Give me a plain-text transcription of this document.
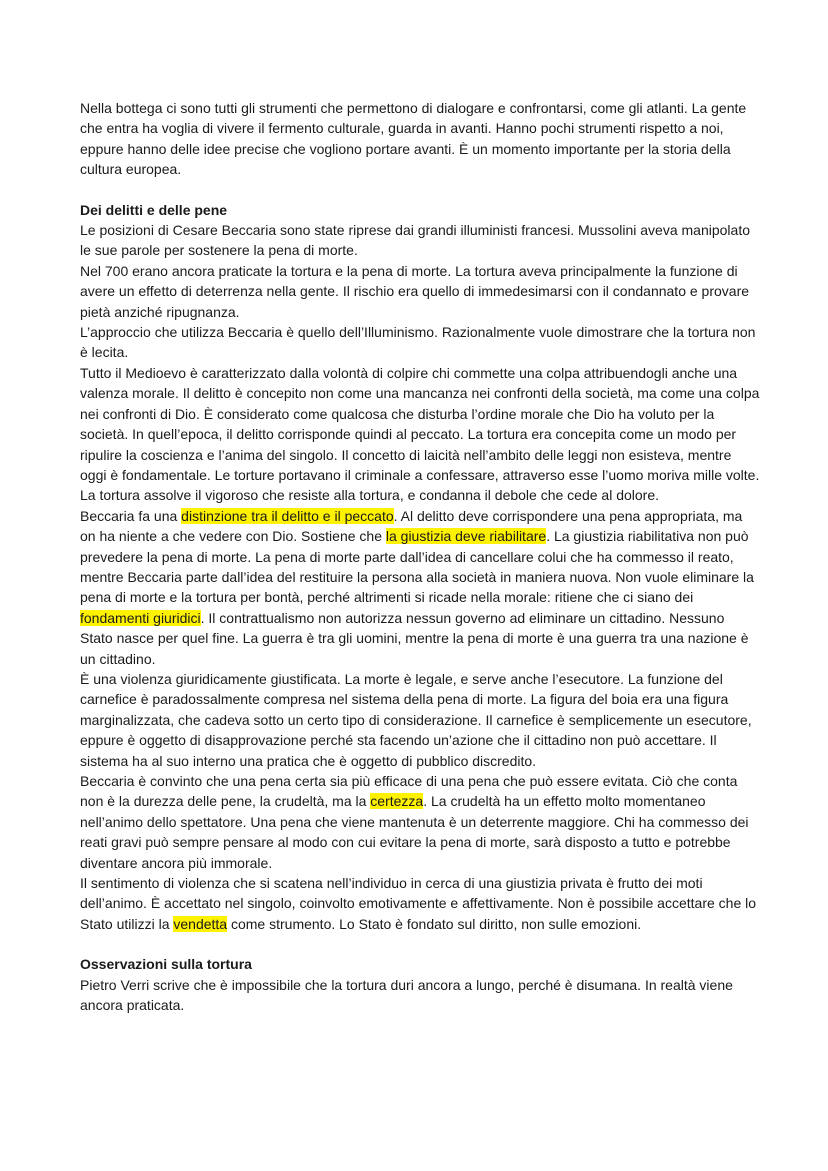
Nella bottega ci sono tutti gli strumenti che permettono di dialogare e confrontarsi, come gli atlanti. La gente che entra ha voglia di vivere il fermento culturale, guarda in avanti. Hanno pochi strumenti rispetto a noi, eppure hanno delle idee precise che vogliono portare avanti. È un momento importante per la storia della cultura europea.

Dei delitti e delle pene

Le posizioni di Cesare Beccaria sono state riprese dai grandi illuministi francesi. Mussolini aveva manipolato le sue parole per sostenere la pena di morte.

Nel 700 erano ancora praticate la tortura e la pena di morte. La tortura aveva principalmente la funzione di avere un effetto di deterrenza nella gente. Il rischio era quello di immedesimarsi con il condannato e provare pietà anziché ripugnanza.

L’approccio che utilizza Beccaria è quello dell’Illuminismo. Razionalmente vuole dimostrare che la tortura non è lecita.

Tutto il Medioevo è caratterizzato dalla volontà di colpire chi commette una colpa attribuendogli anche una valenza morale. Il delitto è concepito non come una mancanza nei confronti della società, ma come una colpa nei confronti di Dio. È considerato come qualcosa che disturba l’ordine morale che Dio ha voluto per la società. In quell’epoca, il delitto corrisponde quindi al peccato. La tortura era concepita come un modo per ripulire la coscienza e l’anima del singolo. Il concetto di laicità nell’ambito delle leggi non esisteva, mentre oggi è fondamentale. Le torture portavano il criminale a confessare, attraverso esse l’uomo moriva mille volte. La tortura assolve il vigoroso che resiste alla tortura, e condanna il debole che cede al dolore.

Beccaria fa una distinzione tra il delitto e il peccato. Al delitto deve corrispondere una pena appropriata, ma on ha niente a che vedere con Dio. Sostiene che la giustizia deve riabilitare. La giustizia riabilitativa non può prevedere la pena di morte. La pena di morte parte dall’idea di cancellare colui che ha commesso il reato, mentre Beccaria parte dall’idea del restituire la persona alla società in maniera nuova. Non vuole eliminare la pena di morte e la tortura per bontà, perché altrimenti si ricade nella morale: ritiene che ci siano dei fondamenti giuridici. Il contrattualismo non autorizza nessun governo ad eliminare un cittadino. Nessuno Stato nasce per quel fine. La guerra è tra gli uomini, mentre la pena di morte è una guerra tra una nazione è un cittadino.

È una violenza giuridicamente giustificata. La morte è legale, e serve anche l’esecutore. La funzione del carnefice è paradossalmente compresa nel sistema della pena di morte. La figura del boia era una figura marginalizzata, che cadeva sotto un certo tipo di considerazione. Il carnefice è semplicemente un esecutore, eppure è oggetto di disapprovazione perché sta facendo un’azione che il cittadino non può accettare. Il sistema ha al suo interno una pratica che è oggetto di pubblico discredito.

Beccaria è convinto che una pena certa sia più efficace di una pena che può essere evitata. Ciò che conta non è la durezza delle pene, la crudeltà, ma la certezza. La crudeltà ha un effetto molto momentaneo nell’animo dello spettatore. Una pena che viene mantenuta è un deterrente maggiore. Chi ha commesso dei reati gravi può sempre pensare al modo con cui evitare la pena di morte, sarà disposto a tutto e potrebbe diventare ancora più immorale.

Il sentimento di violenza che si scatena nell’individuo in cerca di una giustizia privata è frutto dei moti dell’animo. È accettato nel singolo, coinvolto emotivamente e affettivamente. Non è possibile accettare che lo Stato utilizzi la vendetta come strumento. Lo Stato è fondato sul diritto, non sulle emozioni.

Osservazioni sulla tortura

Pietro Verri scrive che è impossibile che la tortura duri ancora a lungo, perché è disumana. In realtà viene ancora praticata.
